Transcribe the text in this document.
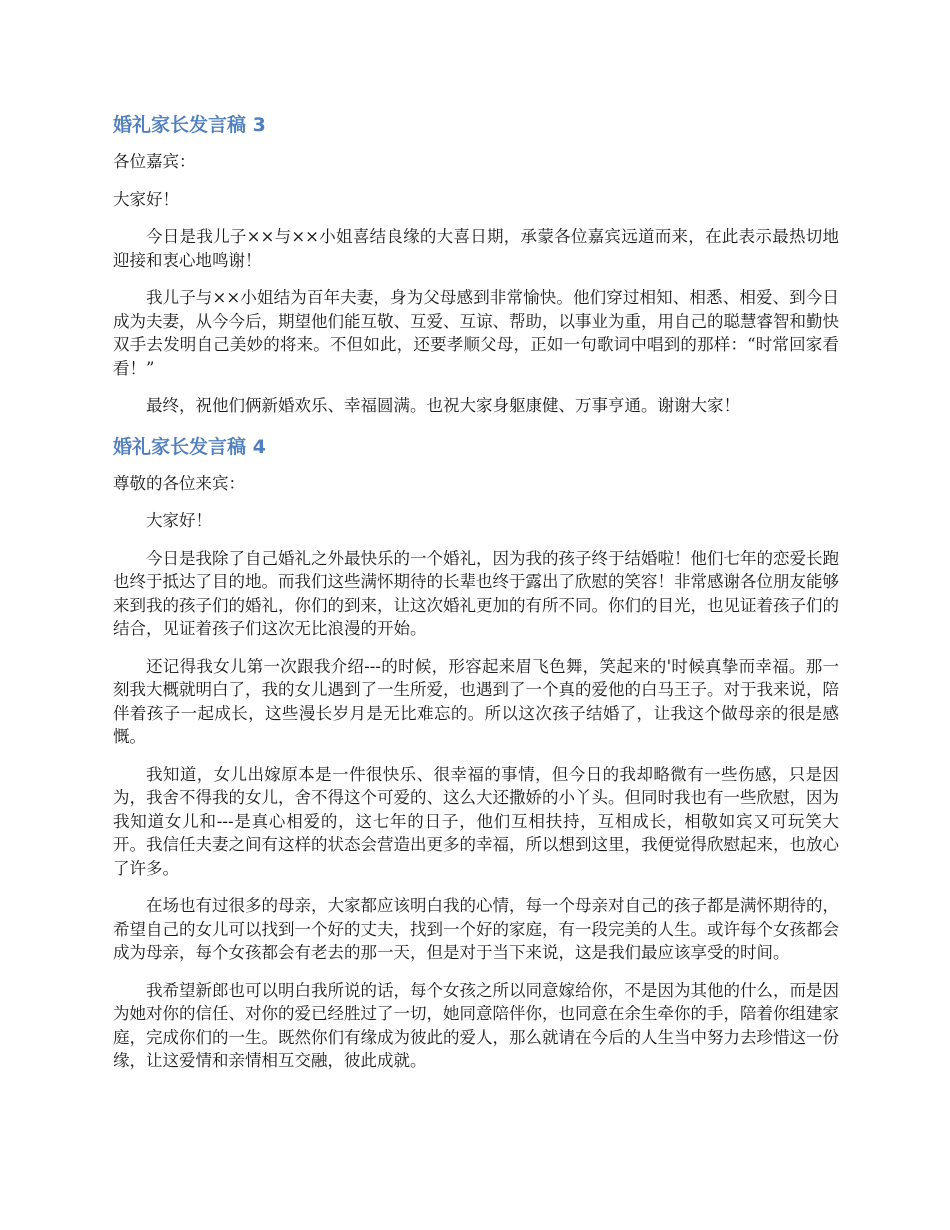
婚礼家长发言稿 3

各位嘉宾：

大家好！

今日是我儿子××与××小姐喜结良缘的大喜日期，承蒙各位嘉宾远道而来，在此表示最热切地迎接和衷心地鸣谢！

我儿子与××小姐结为百年夫妻，身为父母感到非常愉快。他们穿过相知、相悉、相爱、到今日成为夫妻，从今今后，期望他们能互敬、互爱、互谅、帮助，以事业为重，用自己的聪慧睿智和勤快双手去发明自己美妙的将来。不但如此，还要孝顺父母，正如一句歌词中唱到的那样：“时常回家看看！”

最终，祝他们俩新婚欢乐、幸福圆满。也祝大家身躯康健、万事亨通。谢谢大家！

婚礼家长发言稿 4

尊敬的各位来宾：

大家好！

今日是我除了自己婚礼之外最快乐的一个婚礼，因为我的孩子终于结婚啦！他们七年的恋爱长跑也终于抵达了目的地。而我们这些满怀期待的长辈也终于露出了欣慰的笑容！非常感谢各位朋友能够来到我的孩子们的婚礼，你们的到来，让这次婚礼更加的有所不同。你们的目光，也见证着孩子们的结合，见证着孩子们这次无比浪漫的开始。

还记得我女儿第一次跟我介绍---的时候，形容起来眉飞色舞，笑起来的'时候真挚而幸福。那一刻我大概就明白了，我的女儿遇到了一生所爱，也遇到了一个真的爱他的白马王子。对于我来说，陪伴着孩子一起成长，这些漫长岁月是无比难忘的。所以这次孩子结婚了，让我这个做母亲的很是感慨。

我知道，女儿出嫁原本是一件很快乐、很幸福的事情，但今日的我却略微有一些伤感，只是因为，我舍不得我的女儿，舍不得这个可爱的、这么大还撒娇的小丫头。但同时我也有一些欣慰，因为我知道女儿和---是真心相爱的，这七年的日子，他们互相扶持，互相成长，相敬如宾又可玩笑大开。我信任夫妻之间有这样的状态会营造出更多的幸福，所以想到这里，我便觉得欣慰起来，也放心了许多。

在场也有过很多的母亲，大家都应该明白我的心情，每一个母亲对自己的孩子都是满怀期待的，希望自己的女儿可以找到一个好的丈夫，找到一个好的家庭，有一段完美的人生。或许每个女孩都会成为母亲，每个女孩都会有老去的那一天，但是对于当下来说，这是我们最应该享受的时间。

我希望新郎也可以明白我所说的话，每个女孩之所以同意嫁给你，不是因为其他的什么，而是因为她对你的信任、对你的爱已经胜过了一切，她同意陪伴你，也同意在余生牵你的手，陪着你组建家庭，完成你们的一生。既然你们有缘成为彼此的爱人，那么就请在今后的人生当中努力去珍惜这一份缘，让这爱情和亲情相互交融，彼此成就。
